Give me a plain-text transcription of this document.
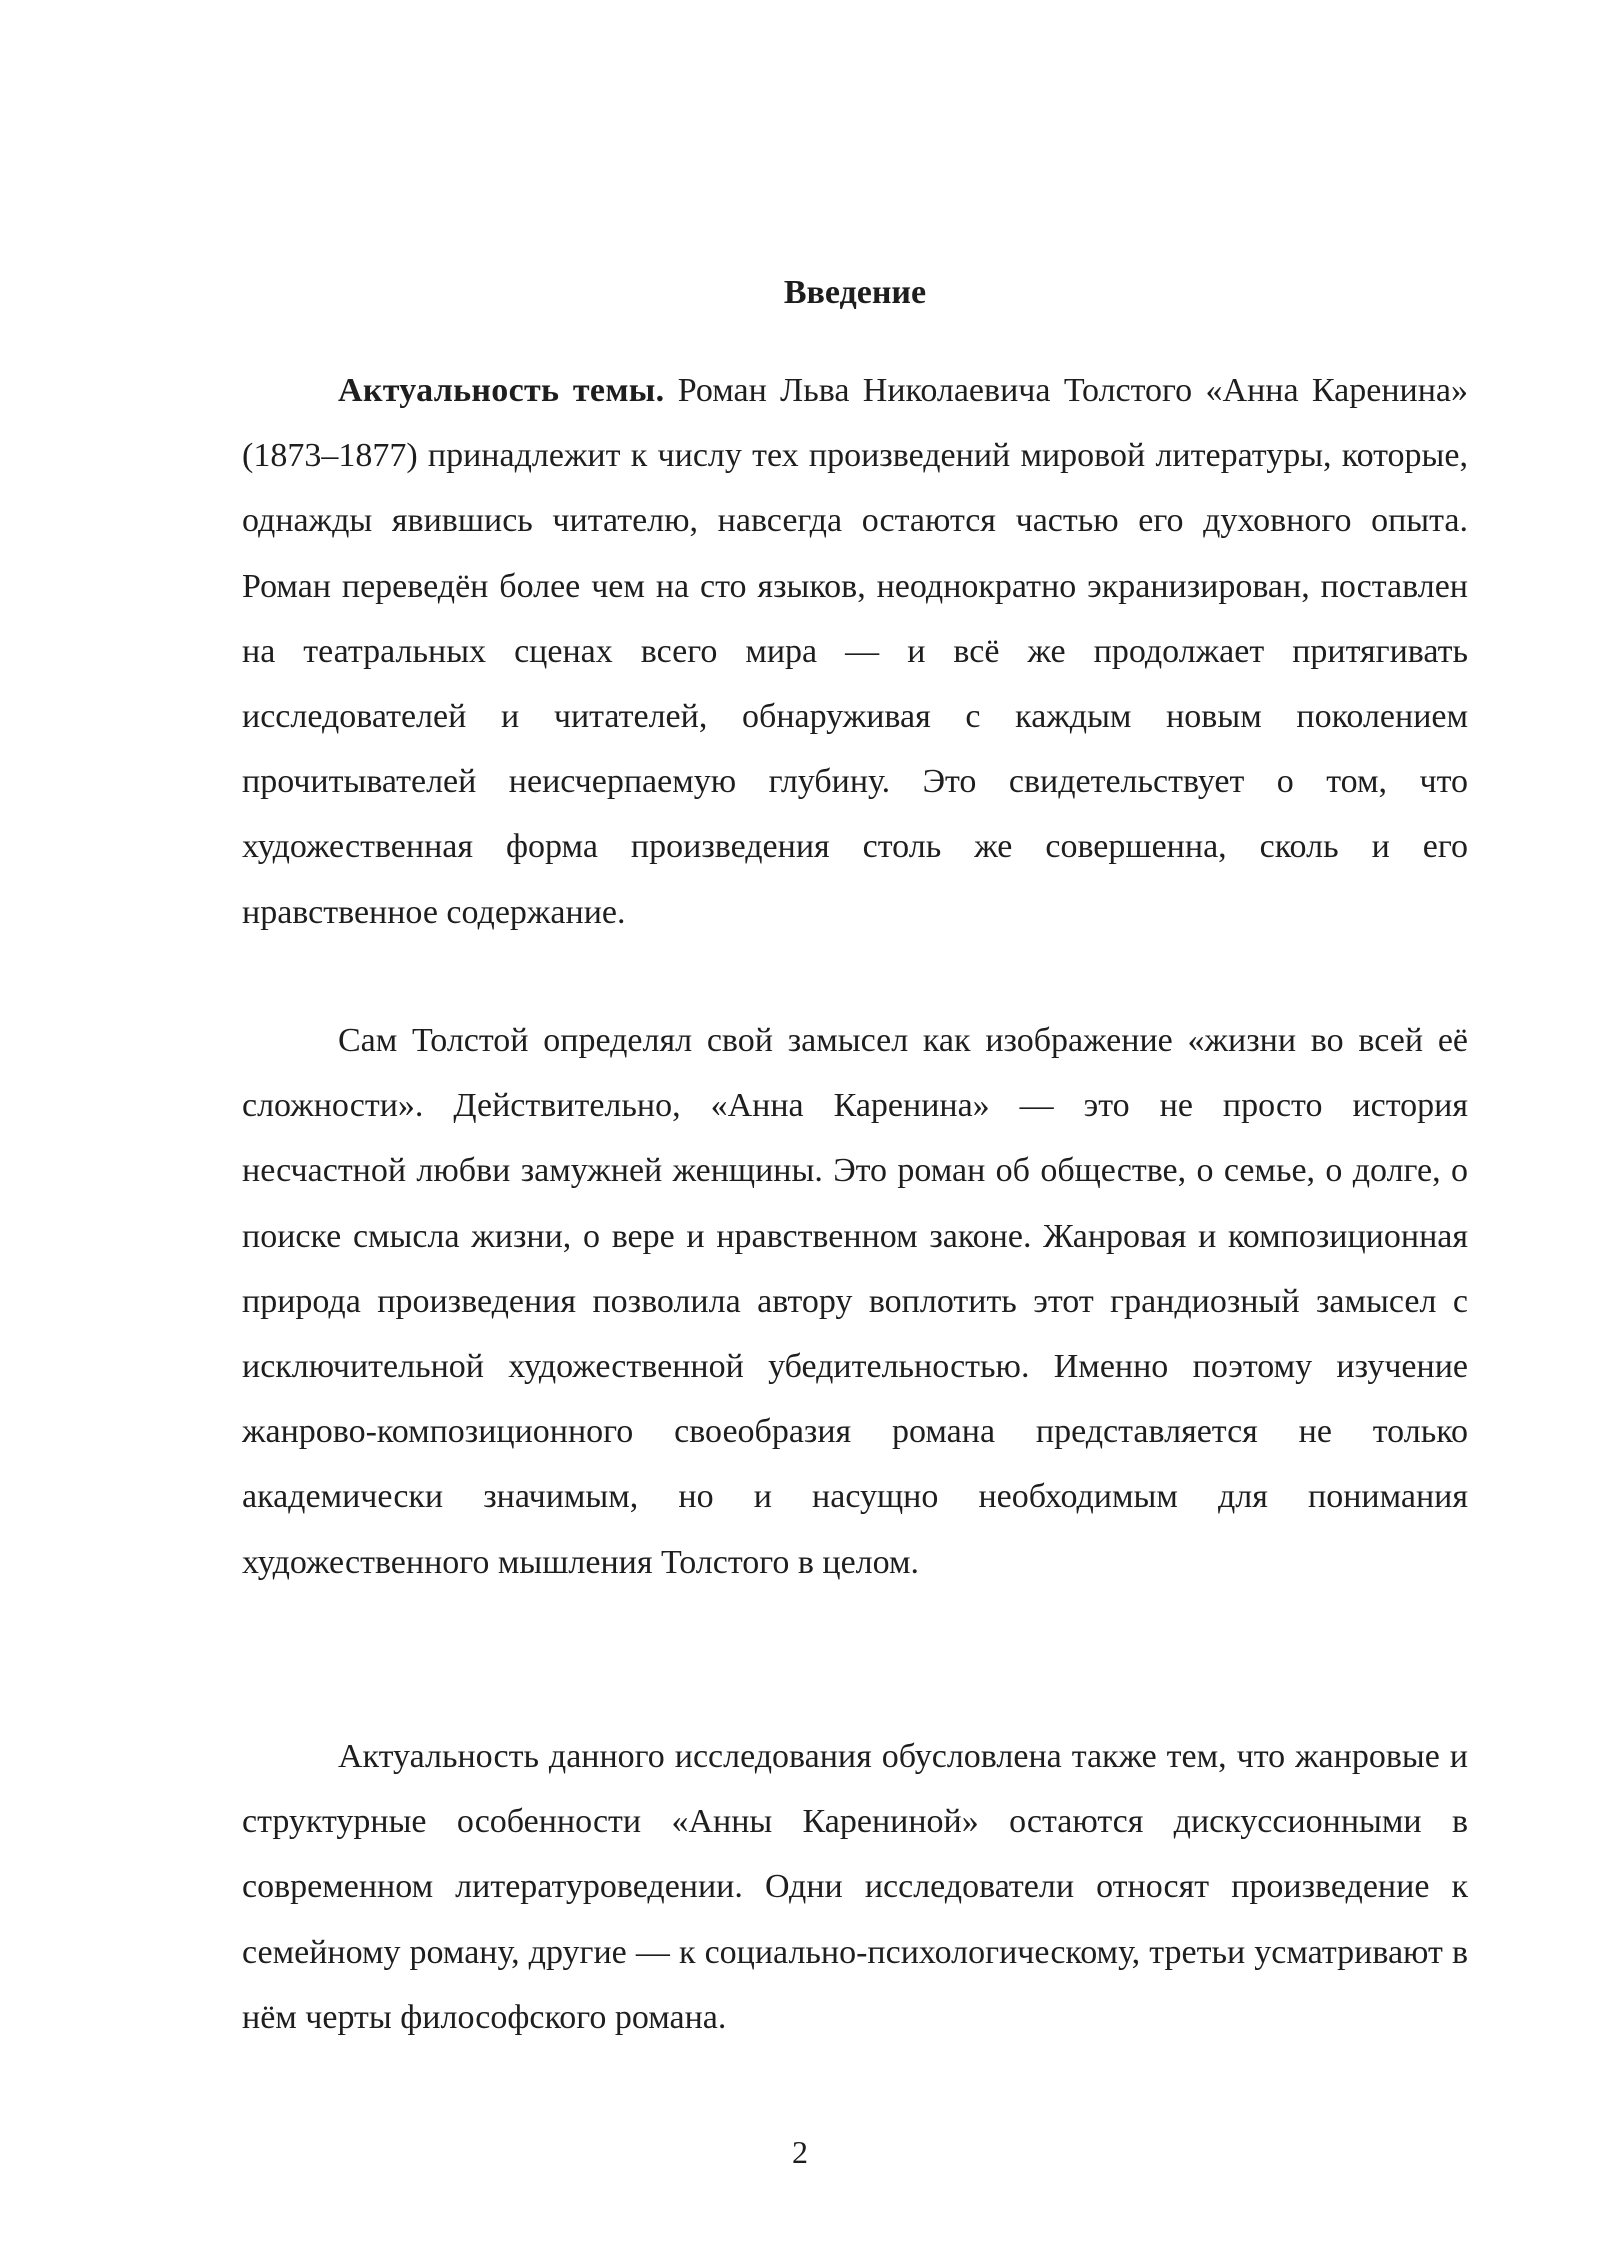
Введение

Актуальность темы. Роман Льва Николаевича Толстого «Анна Каренина» (1873–1877) принадлежит к числу тех произведений мировой литературы, которые, однажды явившись читателю, навсегда остаются частью его духовного опыта. Роман переведён более чем на сто языков, неоднократно экранизирован, поставлен на театральных сценах всего мира — и всё же продолжает притягивать исследователей и читателей, обнаруживая с каждым новым поколением прочитывателей неисчерпаемую глубину. Это свидетельствует о том, что художественная форма произведения столь же совершенна, сколь и его нравственное содержание.

Сам Толстой определял свой замысел как изображение «жизни во всей её сложности». Действительно, «Анна Каренина» — это не просто история несчастной любви замужней женщины. Это роман об обществе, о семье, о долге, о поиске смысла жизни, о вере и нравственном законе. Жанровая и композиционная природа произведения позволила автору воплотить этот грандиозный замысел с исключительной художественной убедительностью. Именно поэтому изучение жанрово-композиционного своеобразия романа представляется не только академически значимым, но и насущно необходимым для понимания художественного мышления Толстого в целом.

Актуальность данного исследования обусловлена также тем, что жанровые и структурные особенности «Анны Карениной» остаются дискуссионными в современном литературоведении. Одни исследователи относят произведение к семейному роману, другие — к социально-психологическому, третьи усматривают в нём черты философского романа.

2
